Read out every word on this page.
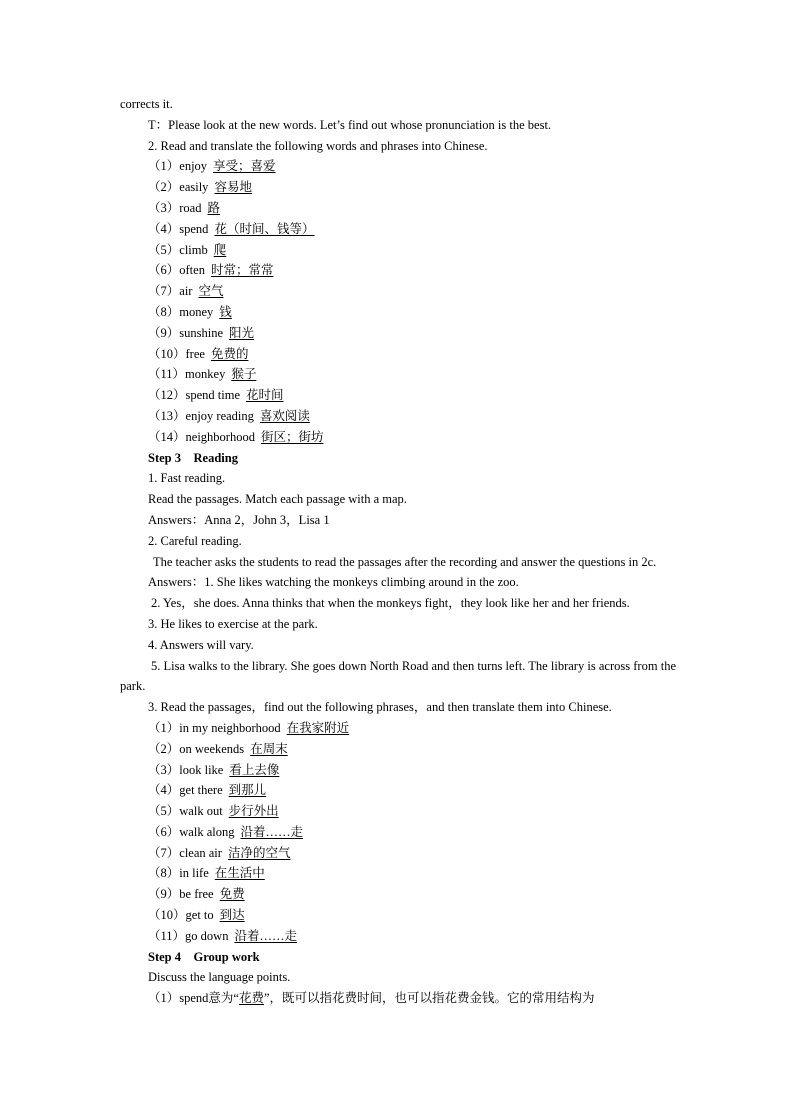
corrects it.
T：Please look at the new words. Let’s find out whose pronunciation is the best.
2. Read and translate the following words and phrases into Chinese.
（1）enjoy 享受；喜爱
（2）easily 容易地
（3）road 路
（4）spend 花（时间、钱等）
（5）climb 爬
（6）often 时常；常常
（7）air 空气
（8）money 钱
（9）sunshine 阳光
（10）free 免费的
（11）monkey 猴子
（12）spend time 花时间
（13）enjoy reading 喜欢阅读
（14）neighborhood 街区；街坊
Step 3    Reading
1. Fast reading.
Read the passages. Match each passage with a map.
Answers：Anna 2，John 3，Lisa 1
2. Careful reading.
The teacher asks the students to read the passages after the recording and answer the questions in 2c.
Answers：1. She likes watching the monkeys climbing around in the zoo.
2. Yes，she does. Anna thinks that when the monkeys fight，they look like her and her friends.
3. He likes to exercise at the park.
4. Answers will vary.
5. Lisa walks to the library. She goes down North Road and then turns left. The library is across from the park.
3. Read the passages，find out the following phrases，and then translate them into Chinese.
（1）in my neighborhood 在我家附近
（2）on weekends 在周末
（3）look like 看上去像
（4）get there 到那儿
（5）walk out 步行外出
（6）walk along 沿着……走
（7）clean air 洁净的空气
（8）in life 在生活中
（9）be free 免费
（10）get to 到达
（11）go down 沿着……走
Step 4    Group work
Discuss the language points.
（1）spend意为“花费”，既可以指花费时间，也可以指花费金钱。它的常用结构为
